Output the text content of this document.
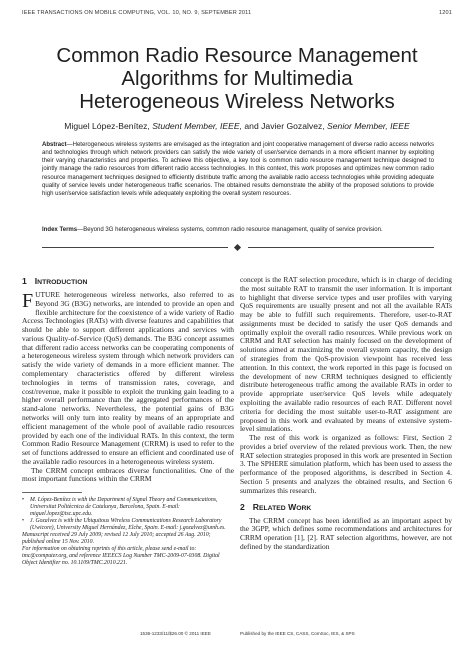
IEEE TRANSACTIONS ON MOBILE COMPUTING, VOL. 10, NO. 9, SEPTEMBER 2011	1201
Common Radio Resource Management
Algorithms for Multimedia
Heterogeneous Wireless Networks
Miguel López-Benítez, Student Member, IEEE, and Javier Gozalvez, Senior Member, IEEE
Abstract—Heterogeneous wireless systems are envisaged as the integration and joint cooperative management of diverse radio access networks and technologies through which network providers can satisfy the wide variety of user/service demands in a more efficient manner by exploiting their varying characteristics and properties. To achieve this objective, a key tool is common radio resource management technique designed to jointly manage the radio resources from different radio access technologies. In this context, this work proposes and optimizes new common radio resource management techniques designed to efficiently distribute traffic among the available radio access technologies while providing adequate quality of service levels under heterogeneous traffic scenarios. The obtained results demonstrate the ability of the proposed solutions to provide high user/service satisfaction levels while adequately exploiting the overall system resources.
Index Terms—Beyond 3G heterogeneous wireless systems, common radio resource management, quality of service provision.
1 INTRODUCTION

FUTURE heterogeneous wireless networks, also referred to as Beyond 3G (B3G) networks, are intended to provide an open and flexible architecture for the coexistence of a wide variety of Radio Access Technologies (RATs) with diverse features and capabilities that should be able to support different applications and services with various Quality-of-Service (QoS) demands. The B3G concept assumes that different radio access networks can be cooperating components of a heterogeneous wireless system through which network providers can satisfy the wide variety of demands in a more efficient manner. The complementary characteristics offered by different wireless technologies in terms of transmission rates, coverage, and cost/revenue, make it possible to exploit the trunking gain leading to a higher overall performance than the aggregated performances of the stand-alone networks. Nevertheless, the potential gains of B3G networks will only turn into reality by means of an appropriate and efficient management of the whole pool of available radio resources provided by each one of the individual RATs. In this context, the term Common Radio Resource Management (CRRM) is used to refer to the set of functions addressed to ensure an efficient and coordinated use of the available radio resources in a heterogeneous wireless system.

The CRRM concept embraces diverse functionalities. One of the most important functions within the CRRM

•	M. López-Benítez is with the Department of Signal Theory and Communications, Universitat Politècnica de Catalunya, Barcelona, Spain. E-mail: miguel.lopez@tsc.upc.edu.
•	J. Gozalvez is with the Ubiquitous Wireless Communications Research Laboratory (Uwicore), University Miguel Hernández, Elche, Spain. E-mail: j.gozalvez@umh.es.
Manuscript received 29 July 2009; revised 12 July 2010; accepted 26 Aug. 2010; published online 15 Nov. 2010.
For information on obtaining reprints of this article, please send e-mail to: tmc@computer.org, and reference IEEECS Log Number TMC-2009-07-0308. Digital Object Identifier no. 10.1109/TMC.2010.221.

concept is the RAT selection procedure, which is in charge of deciding the most suitable RAT to transmit the user information. It is important to highlight that diverse service types and user profiles with varying QoS requirements are usually present and not all the available RATs may be able to fulfill such requirements. Therefore, user-to-RAT assignments must be decided to satisfy the user QoS demands and optimally exploit the overall radio resources. While previous work on CRRM and RAT selection has mainly focused on the development of solutions aimed at maximizing the overall system capacity, the design of strategies from the QoS-provision viewpoint has received less attention. In this context, the work reported in this page is focused on the development of new CRRM techniques designed to efficiently distribute heterogeneous traffic among the available RATs in order to provide appropriate user/service QoS levels while adequately exploiting the available radio resources of each RAT. Different novel criteria for deciding the most suitable user-to-RAT assignment are proposed in this work and evaluated by means of extensive system-level simulations.

The rest of this work is organized as follows: First, Section 2 provides a brief overview of the related previous work. Then, the new RAT selection strategies proposed in this work are presented in Section 3. The SPHERE simulation platform, which has been used to assess the performance of the proposed algorithms, is described in Section 4. Section 5 presents and analyzes the obtained results, and Section 6 summarizes this research.

2 RELATED WORK

The CRRM concept has been identified as an important aspect by the 3GPP, which defines some recommendations and architectures for CRRM operation [1], [2]. RAT selection algorithms, however, are not defined by the standardization

1536-1233/11/$26.00 © 2011 IEEE	Published by the IEEE CS, CASS, ComSoc, IES, & SPS
